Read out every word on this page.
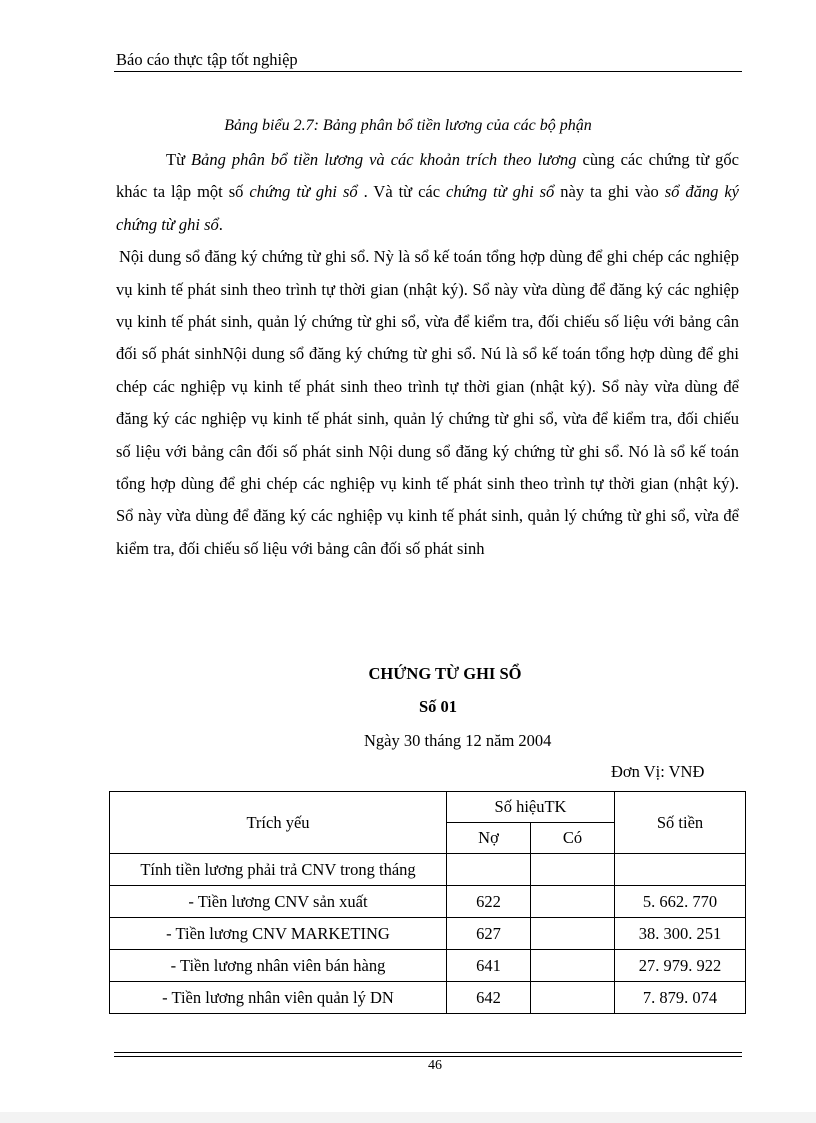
Báo cáo thực tập tốt nghiệp
Bảng biểu 2.7: Bảng phân bổ tiền lương của các bộ phận

Từ Bảng phân bổ tiền lương và các khoản trích theo lương cùng các chứng từ gốc khác ta lập một số chứng từ ghi sổ . Và từ các chứng từ ghi sổ này ta ghi vào sổ đăng ký chứng từ ghi sổ.

Nội dung sổ đăng ký chứng từ ghi sổ. Nỳ là sổ kế toán tổng hợp dùng để ghi chép các nghiệp vụ kinh tế phát sinh theo trình tự thời gian (nhật ký). Sổ này vừa dùng để đăng ký các nghiệp vụ kinh tế phát sinh, quản lý chứng từ ghi sổ, vừa để kiểm tra, đối chiếu số liệu với bảng cân đối số phát sinhNội dung sổ đăng ký chứng từ ghi sổ. Nú là sổ kế toán tổng hợp dùng để ghi chép các nghiệp vụ kinh tế phát sinh theo trình tự thời gian (nhật ký). Sổ này vừa dùng để đăng ký các nghiệp vụ kinh tế phát sinh, quản lý chứng từ ghi sổ, vừa để kiểm tra, đối chiếu số liệu với bảng cân đối số phát sinh Nội dung sổ đăng ký chứng từ ghi sổ. Nó là sổ kế toán tổng hợp dùng để ghi chép các nghiệp vụ kinh tế phát sinh theo trình tự thời gian (nhật ký). Sổ này vừa dùng để đăng ký các nghiệp vụ kinh tế phát sinh, quản lý chứng từ ghi sổ, vừa để kiểm tra, đối chiếu số liệu với bảng cân đối số phát sinh

CHỨNG TỪ GHI SỔ
Số 01
Ngày 30 tháng 12 năm 2004
Đơn Vị: VNĐ
Trích yếu	Số hiệuTK		Số tiền
	Nợ	Có	
Tính tiền lương phải trả CNV trong tháng			
- Tiền lương CNV sản xuất	622		5. 662. 770
- Tiền lương CNV MARKETING	627		38. 300. 251
- Tiền lương nhân viên bán hàng	641		27. 979. 922
- Tiền lương nhân viên quản lý DN	642		7. 879. 074
46
